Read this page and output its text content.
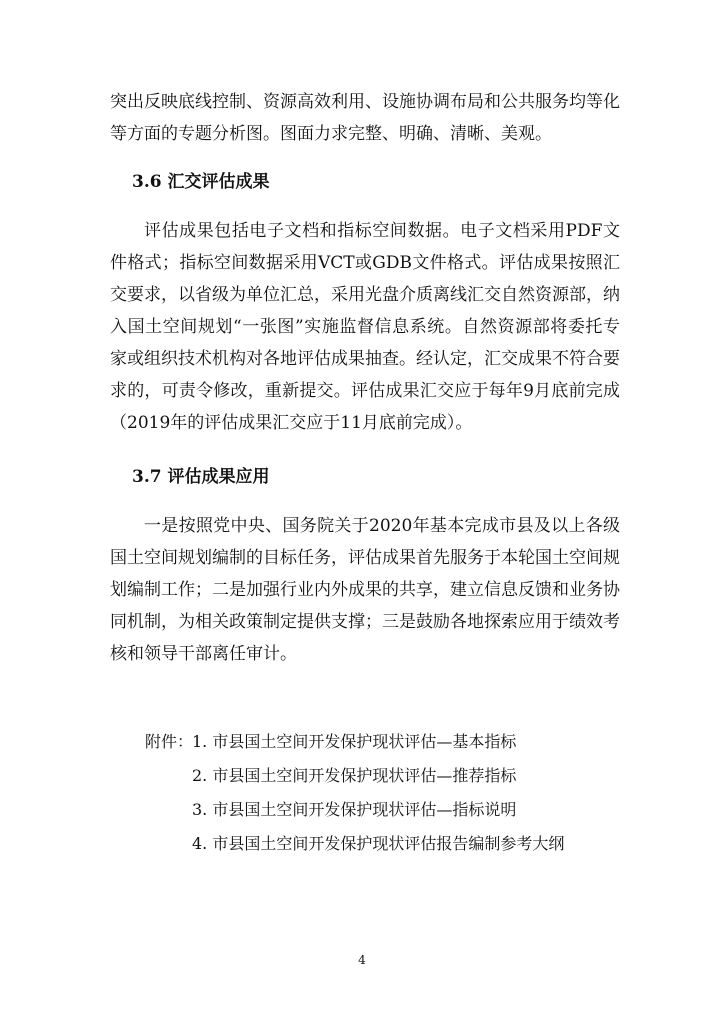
突出反映底线控制、资源高效利用、设施协调布局和公共服务均等化等方面的专题分析图。图面力求完整、明确、清晰、美观。

3.6 汇交评估成果

评估成果包括电子文档和指标空间数据。电子文档采用PDF文件格式；指标空间数据采用VCT或GDB文件格式。评估成果按照汇交要求，以省级为单位汇总，采用光盘介质离线汇交自然资源部，纳入国土空间规划“一张图”实施监督信息系统。自然资源部将委托专家或组织技术机构对各地评估成果抽查。经认定，汇交成果不符合要求的，可责令修改，重新提交。评估成果汇交应于每年9月底前完成（2019年的评估成果汇交应于11月底前完成）。

3.7 评估成果应用

一是按照党中央、国务院关于2020年基本完成市县及以上各级国土空间规划编制的目标任务，评估成果首先服务于本轮国土空间规划编制工作；二是加强行业内外成果的共享，建立信息反馈和业务协同机制，为相关政策制定提供支撑；三是鼓励各地探索应用于绩效考核和领导干部离任审计。

附件：

1. 市县国土空间开发保护现状评估—基本指标

2. 市县国土空间开发保护现状评估—推荐指标

3. 市县国土空间开发保护现状评估—指标说明

4. 市县国土空间开发保护现状评估报告编制参考大纲

4
